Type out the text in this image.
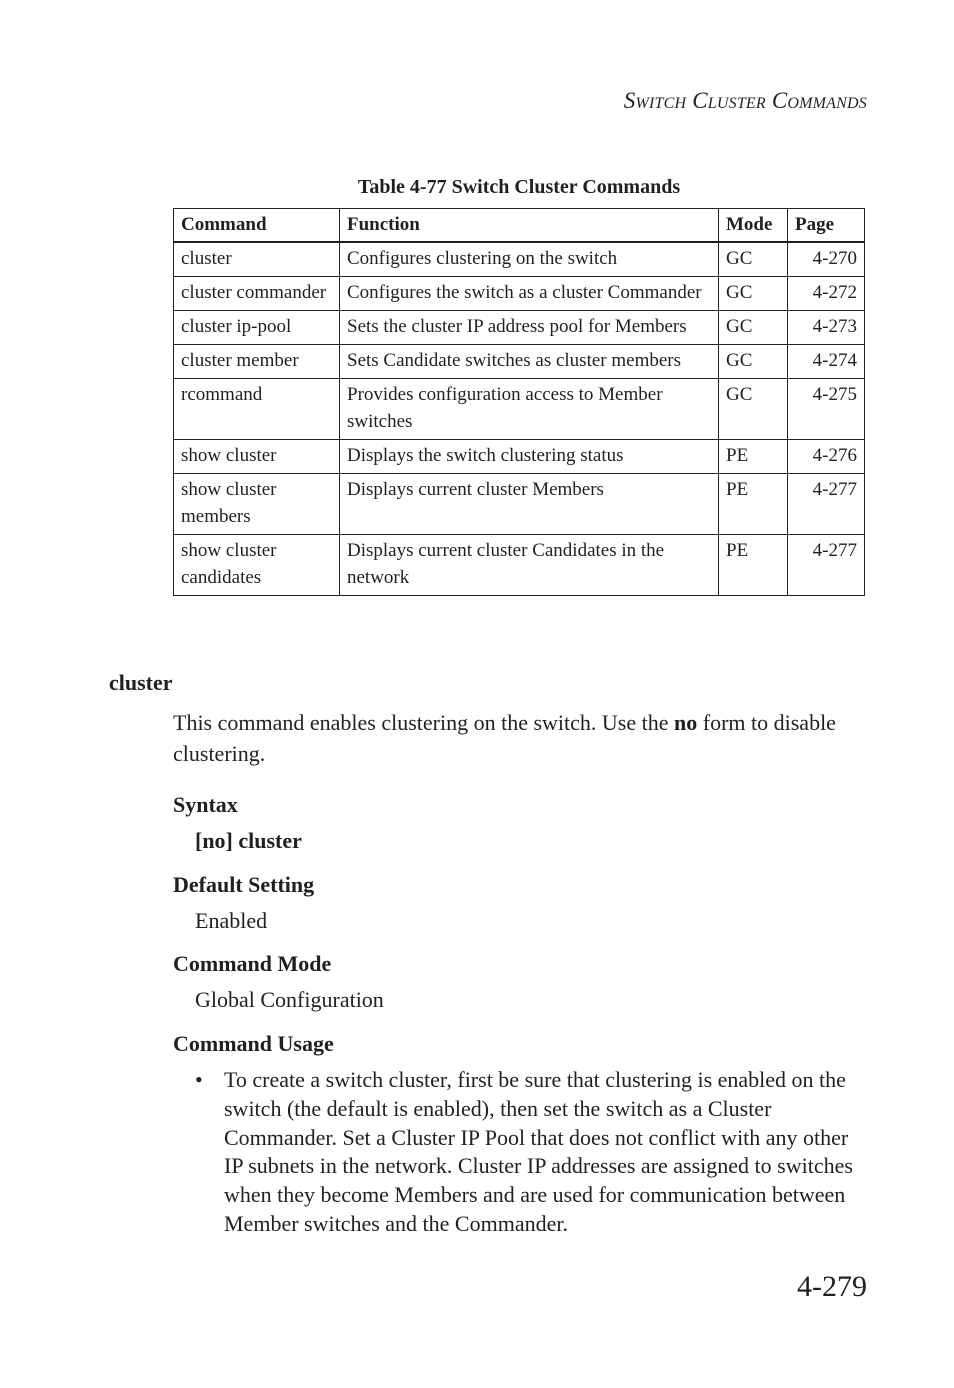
SWITCH CLUSTER COMMANDS
Table 4-77 Switch Cluster Commands
Command	Function	Mode	Page
cluster	Configures clustering on the switch	GC	4-270
cluster commander	Configures the switch as a cluster Commander	GC	4-272
cluster ip-pool	Sets the cluster IP address pool for Members	GC	4-273
cluster member	Sets Candidate switches as cluster members	GC	4-274
rcommand	Provides configuration access to Member switches	GC	4-275
show cluster	Displays the switch clustering status	PE	4-276
show cluster members	Displays current cluster Members	PE	4-277
show cluster candidates	Displays current cluster Candidates in the network	PE	4-277
cluster
This command enables clustering on the switch. Use the no form to disable clustering.
Syntax
[no] cluster
Default Setting
Enabled
Command Mode
Global Configuration
Command Usage
• To create a switch cluster, first be sure that clustering is enabled on the switch (the default is enabled), then set the switch as a Cluster Commander. Set a Cluster IP Pool that does not conflict with any other IP subnets in the network. Cluster IP addresses are assigned to switches when they become Members and are used for communication between Member switches and the Commander.
4-279
